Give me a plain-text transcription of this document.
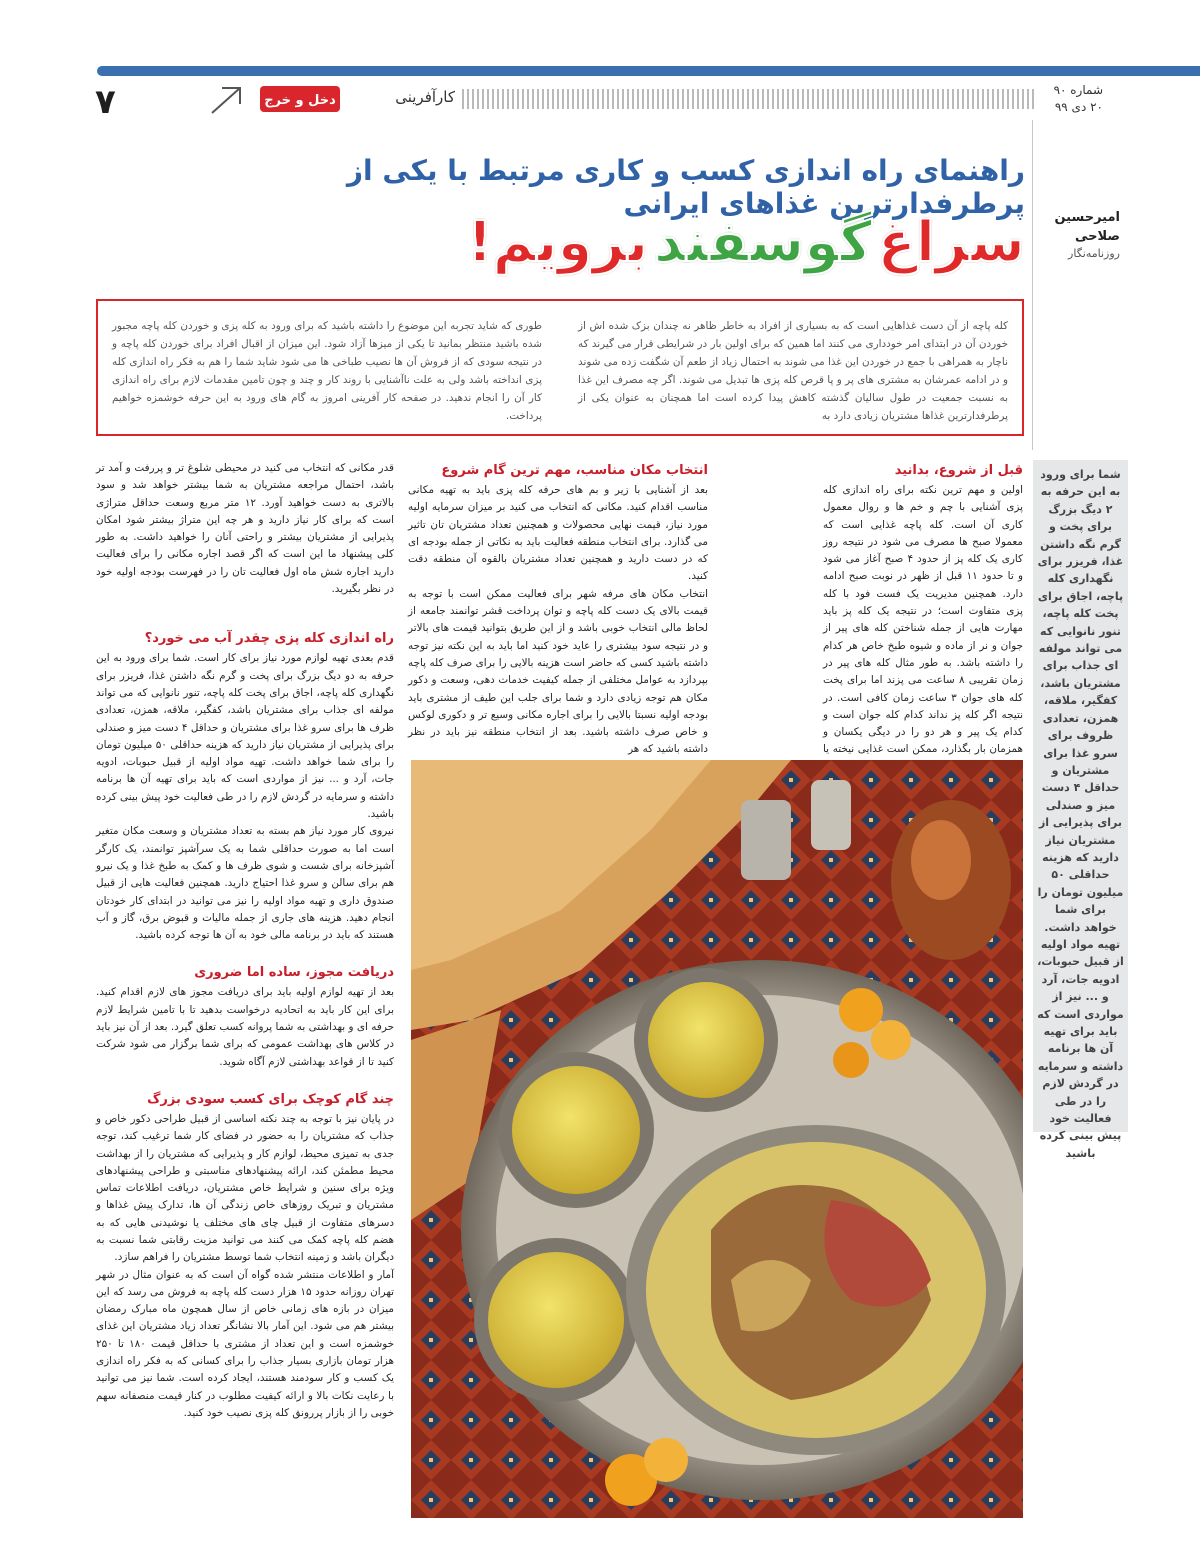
۷	دخل و خرج	کارآفرینی	شماره ۹۰
۲۰ دی ۹۹
راهنمای راه اندازی کسب و کاری مرتبط با یکی از پرطرفدارترین غذاهای ایرانی
سراغ گوسفند برویم!	امیرحسین صلاحی
روزنامه‌نگار
کله پاچه از آن دست غذاهایی است که به بسیاری از افراد به خاطر ظاهر نه چندان بزک شده اش از خوردن آن در ابتدای امر خودداری می کنند اما همین که برای اولین بار در شرایطی قرار می گیرند که ناچار به همراهی با جمع در خوردن این غذا می شوند به احتمال زیاد از طعم آن شگفت زده می شوند و در ادامه عمرشان به مشتری های پر و پا قرص کله پزی ها تبدیل می شوند. اگر چه مصرف این غذا به نسبت جمعیت در طول سالیان گذشته کاهش پیدا کرده است اما همچنان به عنوان یکی از پرطرفدارترین غذاها مشتریان زیادی دارد به
طوری که شاید تجربه این موضوع را داشته باشید که برای ورود به کله پزی و خوردن کله پاچه مجبور شده باشید منتظر بمانید تا یکی از میزها آزاد شود. این میزان از اقبال افراد برای خوردن کله پاچه و در نتیجه سودی که از فروش آن ها نصیب طباخی ها می شود شاید شما را هم به فکر راه اندازی کله پزی انداخته باشد ولی به علت ناآشنایی با روند کار و چند و چون تامین مقدمات لازم برای راه اندازی کار آن را انجام ندهید. در صفحه کار آفرینی امروز به گام های ورود به این حرفه خوشمزه خواهیم پرداخت.
شما برای ورود به این حرفه به ۲ دیگ بزرگ برای پخت و گرم نگه داشتن غذا، فریزر برای نگهداری کله پاچه، اجاق برای پخت کله پاچه، تنور نانوایی که می تواند مولفه ای جذاب برای مشتریان باشد، کفگیر، ملاقه، همزن، تعدادی ظروف برای سرو غذا برای مشتریان و حداقل ۴ دست میز و صندلی برای پذیرایی از مشتریان نیاز دارید که هزینه حداقلی ۵۰ میلیون تومان را برای شما خواهد داشت. تهیه مواد اولیه از قبیل حبوبات، ادویه جات، آرد و ... نیز از مواردی است که باید برای تهیه آن ها برنامه داشته و سرمایه در گردش لازم را در طی فعالیت خود پیش بینی کرده باشید
قبل از شروع، بدانید

اولین و مهم ترین نکته برای راه اندازی کله پزی آشنایی با چم و خم ها و روال معمول کاری آن است. کله پاچه غذایی است که معمولا صبح ها مصرف می شود در نتیجه روز کاری یک کله پز از حدود ۴ صبح آغاز می شود و تا حدود ۱۱ قبل از ظهر در نوبت صبح ادامه دارد. همچنین مدیریت یک فست فود با کله پزی متفاوت است؛ در نتیجه یک کله پز باید مهارت هایی از جمله شناختن کله های پیر از جوان و نر از ماده و شیوه طبخ خاص هر کدام را داشته باشد. به طور مثال کله های پیر در زمان تقریبی ۸ ساعت می پزند اما برای پخت کله های جوان ۳ ساعت زمان کافی است. در نتیجه اگر کله پز نداند کدام کله جوان است و کدام یک پیر و هر دو را در دیگی یکسان و همزمان بار بگذارد، ممکن است غذایی نیخته یا

انتخاب مکان مناسب، مهم ترین گام شروع

بعد از آشنایی با زیر و بم های حرفه کله پزی باید به تهیه مکانی مناسب اقدام کنید. مکانی که انتخاب می کنید بر میزان سرمایه اولیه مورد نیاز، قیمت نهایی محصولات و همچنین تعداد مشتریان تان تاثیر می گذارد. برای انتخاب منطقه فعالیت باید به نکاتی از جمله بودجه ای که در دست دارید و همچنین تعداد مشتریان بالقوه آن منطقه دقت کنید.

انتخاب مکان های مرفه شهر برای فعالیت ممکن است با توجه به قیمت بالای یک دست کله پاچه و توان پرداخت قشر توانمند جامعه از لحاظ مالی انتخاب خوبی باشد و از این طریق بتوانید قیمت های بالاتر و در نتیجه سود بیشتری را عاید خود کنید اما باید به این نکته نیز توجه داشته باشید کسی که حاضر است هزینه بالایی را برای صرف کله پاچه بپردازد به عوامل مختلفی از جمله کیفیت خدمات دهی، وسعت و دکور مکان هم توجه زیادی دارد و شما برای جلب این طیف از مشتری باید بودجه اولیه نسبتا بالایی را برای اجاره مکانی وسیع تر و دکوری لوکس و خاص صرف داشته باشید. بعد از انتخاب منطقه نیز باید در نظر داشته باشید که هر

قدر مکانی که انتخاب می کنید در محیطی شلوغ تر و پررفت و آمد تر باشد، احتمال مراجعه مشتریان به شما بیشتر خواهد شد و سود بالاتری به دست خواهید آورد. ۱۲ متر مربع وسعت حداقل متراژی است که برای کار نیاز دارید و هر چه این متراژ بیشتر شود امکان پذیرایی از مشتریان بیشتر و راحتی آنان را خواهید داشت. به طور کلی پیشنهاد ما این است که اگر قصد اجاره مکانی را برای فعالیت دارید اجاره شش ماه اول فعالیت تان را در فهرست بودجه اولیه خود در نظر بگیرید.

راه اندازی کله پزی چقدر آب می خورد؟

قدم بعدی تهیه لوازم مورد نیاز برای کار است. شما برای ورود به این حرفه به دو دیگ بزرگ برای پخت و گرم نگه داشتن غذا، فریزر برای نگهداری کله پاچه، اجاق برای پخت کله پاچه، تنور نانوایی که می تواند مولفه ای جذاب برای مشتریان باشد، کفگیر، ملاقه، همزن، تعدادی ظرف ها برای سرو غذا برای مشتریان و حداقل ۴ دست میز و صندلی برای پذیرایی از مشتریان نیاز دارید که هزینه حداقلی ۵۰ میلیون تومان را برای شما خواهد داشت. تهیه مواد اولیه از قبیل حبوبات، ادویه جات، آرد و ... نیز از مواردی است که باید برای تهیه آن ها برنامه داشته و سرمایه در گردش لازم را در طی فعالیت خود پیش بینی کرده باشید.

نیروی کار مورد نیاز هم بسته به تعداد مشتریان و وسعت مکان متغیر است اما به صورت حداقلی شما به یک سرآشپز توانمند، یک کارگر آشپزخانه برای شست و شوی ظرف ها و کمک به طبخ غذا و یک نیرو هم برای سالن و سرو غذا احتیاج دارید. همچنین فعالیت هایی از قبیل صندوق داری و تهیه مواد اولیه را نیز می توانید در ابتدای کار خودتان انجام دهید. هزینه های جاری از جمله مالیات و قبوض برق، گاز و آب هستند که باید در برنامه مالی خود به آن ها توجه کرده باشید.

دریافت مجوز، ساده اما ضروری

بعد از تهیه لوازم اولیه باید برای دریافت مجوز های لازم اقدام کنید. برای این کار باید به اتحادیه درخواست بدهید تا با تامین شرایط لازم حرفه ای و بهداشتی به شما پروانه کسب تعلق گیرد. بعد از آن نیز باید در کلاس های بهداشت عمومی که برای شما برگزار می شود شرکت کنید تا از قواعد بهداشتی لازم آگاه شوید.

چند گام کوچک برای کسب سودی بزرگ

در پایان نیز با توجه به چند نکته اساسی از قبیل طراحی دکور خاص و جذاب که مشتریان را به حضور در فضای کار شما ترغیب کند، توجه جدی به تمیزی محیط، لوازم کار و پذیرایی که مشتریان را از بهداشت محیط مطمئن کند، ارائه پیشنهادهای مناسبتی و طراحی پیشنهادهای ویژه برای سنین و شرایط خاص مشتریان، دریافت اطلاعات تماس مشتریان و تبریک روزهای خاص زندگی آن ها، تدارک پیش غذاها و دسرهای متفاوت از قبیل چای های مختلف یا نوشیدنی هایی که به هضم کله پاچه کمک می کنند می توانید مزیت رقابتی شما نسبت به دیگران باشد و زمینه انتخاب شما توسط مشتریان را فراهم سازد.

آمار و اطلاعات منتشر شده گواه آن است که به عنوان مثال در شهر تهران روزانه حدود ۱۵ هزار دست کله پاچه به فروش می رسد که این میزان در بازه های زمانی خاص از سال همچون ماه مبارک رمضان بیشتر هم می شود. این آمار بالا نشانگر تعداد زیاد مشتریان این غذای خوشمزه است و این تعداد از مشتری با حداقل قیمت ۱۸۰ تا ۲۵۰ هزار تومان بازاری بسیار جذاب را برای کسانی که به فکر راه اندازی یک کسب و کار سودمند هستند، ایجاد کرده است. شما نیز می توانید با رعایت نکات بالا و ارائه کیفیت مطلوب در کنار قیمت منصفانه سهم خوبی را از بازار پررونق کله پزی نصیب خود کنید.
